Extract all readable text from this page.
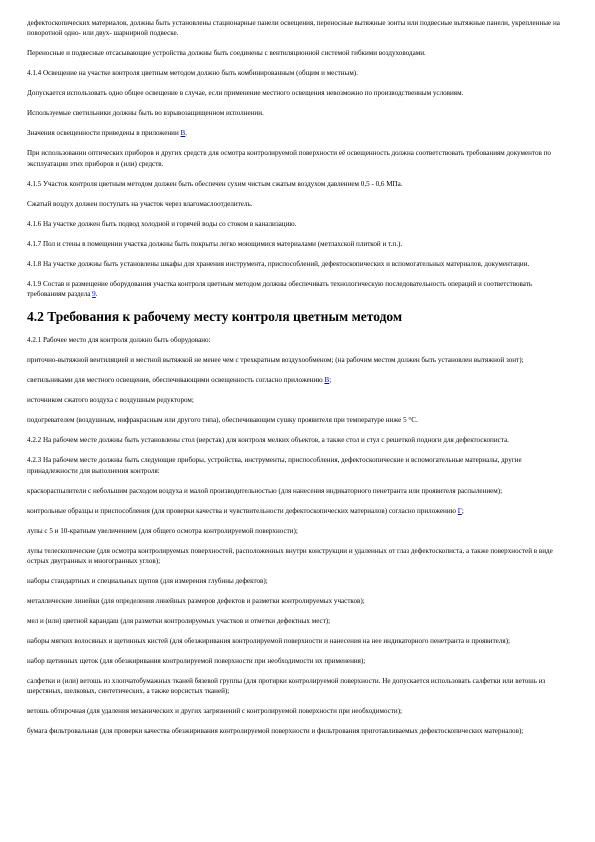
дефектоскопических материалов, должны быть установлены стационарные панели освещения, переносные вытяжные зонты или подвесные вытяжные панели, укрепленные на поворотной одно- или двух- шарнирной подвеске.

Переносные и подвесные отсасывающие устройства должны быть соединены с вентиляционной системой гибкими воздуховодами.

4.1.4 Освещение на участке контроля цветным методом должно быть комбинированным (общим и местным).

Допускается использовать одно общее освещение в случае, если применение местного освещения невозможно по производственным условиям.

Используемые светильники должны быть во взрывозащищенном исполнении.

Значения освещенности приведены в приложении В.

При использовании оптических приборов и других средств для осмотра контролируемой поверхности её освещенность должна соответствовать требованиям документов по эксплуатации этих приборов и (или) средств.

4.1.5 Участок контроля цветным методом должен быть обеспечен сухим чистым сжатым воздухом давлением 0,5 - 0,6 МПа.

Сжатый воздух должен поступать на участок через влагомаслоотделитель.

4.1.6 На участке должен быть подвод холодной и горячей воды со стоком в канализацию.

4.1.7 Пол и стены в помещении участка должны быть покрыты легко моющимися материалами (метлахской плиткой и т.п.).

4.1.8 На участке должны быть установлены шкафы для хранения инструмента, приспособлений, дефектоскопических и вспомогательных материалов, документации.

4.1.9 Состав и размещение оборудования участка контроля цветным методом должны обеспечивать технологическую последовательность операций и соответствовать требованиям раздела 9.

4.2 Требования к рабочему месту контроля цветным методом

4.2.1 Рабочее место для контроля должно быть оборудовано:

приточно-вытяжной вентиляцией и местной вытяжкой не менее чем с трехкратным воздухообменом; (на рабочим местом должен быть установлен вытяжной зонт);

светильниками для местного освещения, обеспечивающими освещенность согласно приложению В;

источником сжатого воздуха с воздушным редуктором;

подогревателем (воздушным, инфракрасным или другого типа), обеспечивающим сушку проявителя при температуре ниже 5 °С.

4.2.2 На рабочем месте должны быть установлены стол (верстак) для контроля мелких объектов, а также стол и стул с решеткой подноги для дефектоскописта.

4.2.3 На рабочем месте должны быть следующие приборы, устройства, инструменты, приспособления, дефектоскопические и вспомогательные материалы, другие принадлежности для выполнения контроля:

краскораспылители с небольшим расходом воздуха и малой производительностью (для нанесения индикаторного пенетранта или проявителя распылением);

контрольные образцы и приспособления (для проверки качества и чувствительности дефектоскопических материалов) согласно приложению Г;

лупы с 5 и 10-кратным увеличением (для общего осмотра контролируемой поверхности);

лупы телескопические (для осмотра контролируемых поверхностей, расположенных внутри конструкции и удаленных от глаз дефектоскописта, а также поверхностей в виде острых двугранных и многогранных углов);

наборы стандартных и специальных щупов (для измерения глубины дефектов);

металлические линейки (для определения линейных размеров дефектов и разметки контролируемых участков);

мел и (или) цветной карандаш (для разметки контролируемых участков и отметки дефектных мест);

наборы мягких волосяных и щетинных кистей (для обезжиривания контролируемой поверхности и нанесения на нее индикаторного пенетранта и проявителя);

набор щетинных щеток (для обезжиривания контролируемой поверхности при необходимости их применения);

салфетки и (или) ветошь из хлопчатобумажных тканей бязевой группы (для протирки контролируемой поверхности. Не допускается использовать салфетки или ветошь из шерстяных, шелковых, синтетических, а также ворсистых тканей);

ветошь обтирочная (для удаления механических и других загрязнений с контролируемой поверхности при необходимости);

бумага фильтровальная (для проверки качества обезжиривания контролируемой поверхности и фильтрования приготавливаемых дефектоскопических материалов);
